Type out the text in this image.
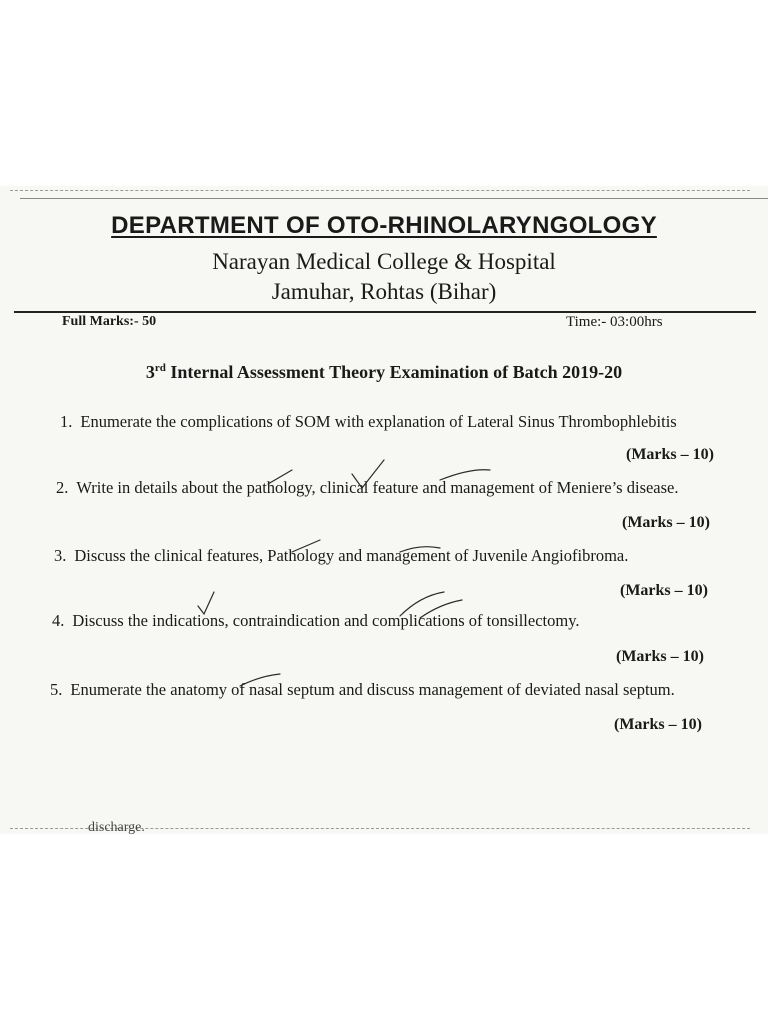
DEPARTMENT OF OTO-RHINOLARYNGOLOGY
Narayan Medical College & Hospital
Jamuhar, Rohtas (Bihar)
Full Marks:- 50	Time:- 03:00hrs
3rd Internal Assessment Theory Examination of Batch 2019-20
1. Enumerate the complications of SOM with explanation of Lateral Sinus Thrombophlebitis
(Marks – 10)
2. Write in details about the pathology, clinical feature and management of Meniere’s disease.
(Marks – 10)
3. Discuss the clinical features, Pathology and management of Juvenile Angiofibroma.
(Marks – 10)
4. Discuss the indications, contraindication and complications of tonsillectomy.
(Marks – 10)
5. Enumerate the anatomy of nasal septum and discuss management of deviated nasal septum.
(Marks – 10)
discharge.
